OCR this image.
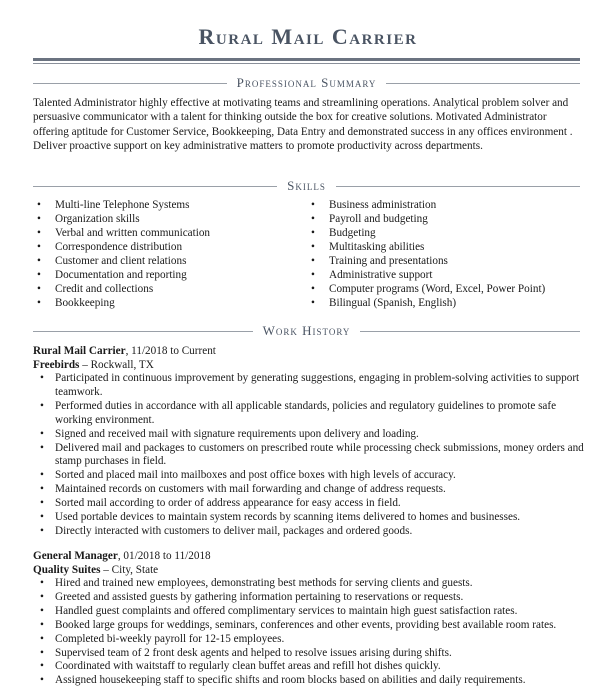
Rural Mail Carrier
Professional Summary

Talented Administrator highly effective at motivating teams and streamlining operations. Analytical problem solver and persuasive communicator with a talent for thinking outside the box for creative solutions. Motivated Administrator offering aptitude for Customer Service, Bookkeeping, Data Entry and demonstrated success in any offices environment . Deliver proactive support on key administrative matters to promote productivity across departments.

Skills
• Multi-line Telephone Systems
• Organization skills
• Verbal and written communication
• Correspondence distribution
• Customer and client relations
• Documentation and reporting
• Credit and collections
• Bookkeeping
• Business administration
• Payroll and budgeting
• Budgeting
• Multitasking abilities
• Training and presentations
• Administrative support
• Computer programs (Word, Excel, Power Point)
• Bilingual (Spanish, English)
Work History
Rural Mail Carrier, 11/2018 to Current
Freebirds – Rockwall, TX
• Participated in continuous improvement by generating suggestions, engaging in problem-solving activities to support teamwork.
• Performed duties in accordance with all applicable standards, policies and regulatory guidelines to promote safe working environment.
• Signed and received mail with signature requirements upon delivery and loading.
• Delivered mail and packages to customers on prescribed route while processing check submissions, money orders and stamp purchases in field.
• Sorted and placed mail into mailboxes and post office boxes with high levels of accuracy.
• Maintained records on customers with mail forwarding and change of address requests.
• Sorted mail according to order of address appearance for easy access in field.
• Used portable devices to maintain system records by scanning items delivered to homes and businesses.
• Directly interacted with customers to deliver mail, packages and ordered goods.
General Manager, 01/2018 to 11/2018
Quality Suites – City, State
• Hired and trained new employees, demonstrating best methods for serving clients and guests.
• Greeted and assisted guests by gathering information pertaining to reservations or requests.
• Handled guest complaints and offered complimentary services to maintain high guest satisfaction rates.
• Booked large groups for weddings, seminars, conferences and other events, providing best available room rates.
• Completed bi-weekly payroll for 12-15 employees.
• Supervised team of 2 front desk agents and helped to resolve issues arising during shifts.
• Coordinated with waitstaff to regularly clean buffet areas and refill hot dishes quickly.
• Assigned housekeeping staff to specific shifts and room blocks based on abilities and daily requirements.
